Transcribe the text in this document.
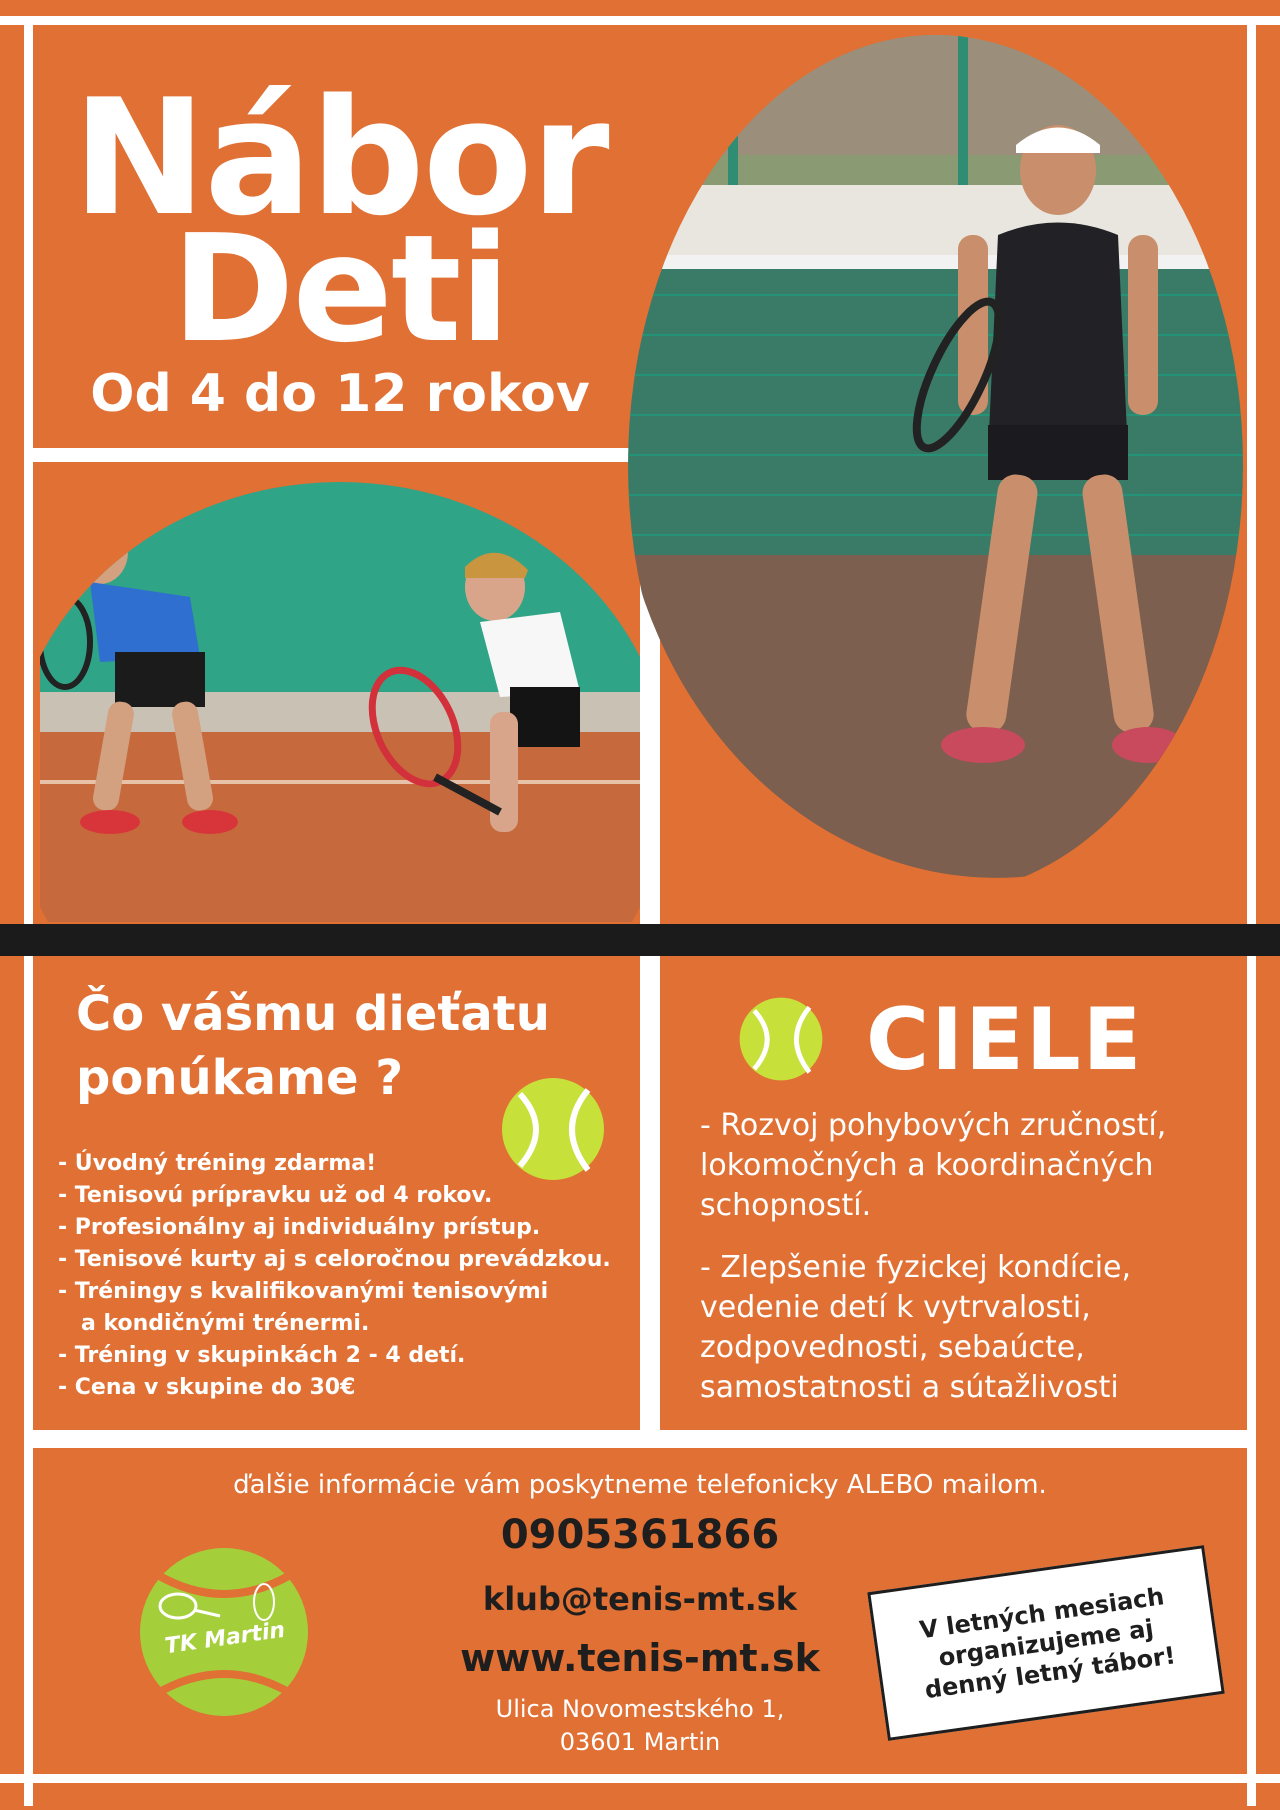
Nábor
Deti
Od 4 do 12 rokov
Čo vášmu dieťatu ponúkame ?
- Úvodný tréning zdarma!
- Tenisovú prípravku už od 4 rokov.
- Profesionálny aj individuálny prístup.
- Tenisové kurty aj s celoročnou prevádzkou.
- Tréningy s kvalifikovanými tenisovými
a kondičnými trénermi.
- Tréning v skupinkách 2 - 4 detí.
- Cena v skupine do 30€
CIELE
- Rozvoj pohybových zručností, lokomočných a koordinačných schopností.
- Zlepšenie fyzickej kondície, vedenie detí k vytrvalosti, zodpovednosti, sebaúcte, samostatnosti a sútažlivosti
ďalšie informácie vám poskytneme telefonicky ALEBO mailom.
0905361866
klub@tenis-mt.sk
www.tenis-mt.sk
Ulica Novomestského 1,
03601 Martin
TK Martin	V letných mesiach organizujeme aj denný letný tábor!
